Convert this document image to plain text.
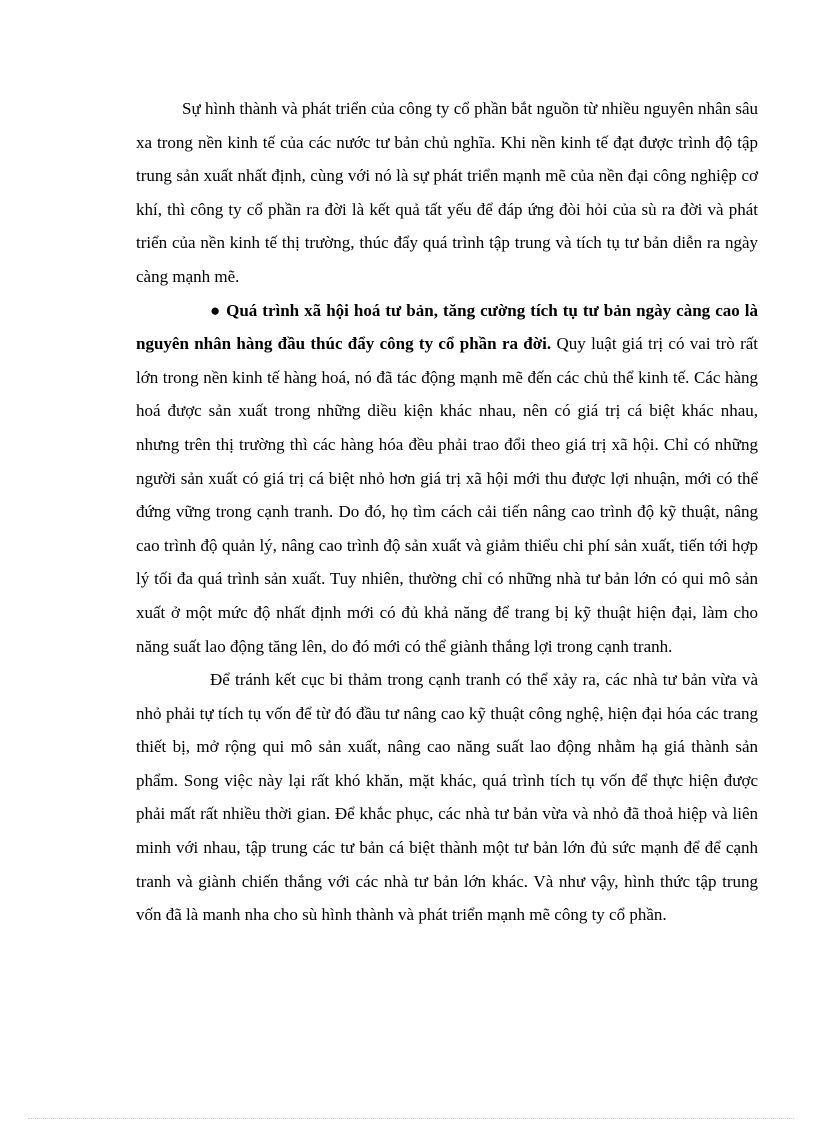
Sự hình thành và phát triển của công ty cổ phần bắt nguồn từ nhiều nguyên nhân sâu xa trong nền kinh tế của các nước tư bản chủ nghĩa. Khi nền kinh tế đạt được trình độ tập trung sản xuất nhất định, cùng với nó là sự phát triển mạnh mẽ của nền đại công nghiệp cơ khí, thì công ty cổ phần ra đời là kết quả tất yếu để đáp ứng đòi hỏi của sù ra đời và phát triển của nền kinh tế thị trường, thúc đẩy quá trình tập trung và tích tụ tư bản diễn ra ngày càng mạnh mẽ.

● Quá trình xã hội hoá tư bản, tăng cường tích tụ tư bản ngày càng cao là nguyên nhân hàng đầu thúc đẩy công ty cổ phần ra đời. Quy luật giá trị có vai trò rất lớn trong nền kinh tế hàng hoá, nó đã tác động mạnh mẽ đến các chủ thể kinh tế. Các hàng hoá được sản xuất trong những diều kiện khác nhau, nên có giá trị cá biệt khác nhau, nhưng trên thị trường thì các hàng hóa đều phải trao đổi theo giá trị xã hội. Chỉ có những người sản xuất có giá trị cá biệt nhỏ hơn giá trị xã hội mới thu được lợi nhuận, mới có thể đứng vững trong cạnh tranh. Do đó, họ tìm cách cải tiến nâng cao trình độ kỹ thuật, nâng cao trình độ quản lý, nâng cao trình độ sản xuất và giảm thiểu chi phí sản xuất, tiến tới hợp lý tối đa quá trình sản xuất. Tuy nhiên, thường chỉ có những nhà tư bản lớn có qui mô sản xuất ở một mức độ nhất định mới có đủ khả năng để trang bị kỹ thuật hiện đại, làm cho năng suất lao động tăng lên, do đó mới có thể giành thắng lợi trong cạnh tranh.

Để tránh kết cục bi thảm trong cạnh tranh có thể xảy ra, các nhà tư bản vừa và nhỏ phải tự tích tụ vốn để từ đó đầu tư nâng cao kỹ thuật công nghệ, hiện đại hóa các trang thiết bị, mở rộng qui mô sản xuất, nâng cao năng suất lao động nhằm hạ giá thành sản phẩm. Song việc này lại rất khó khăn, mặt khác, quá trình tích tụ vốn để thực hiện được phải mất rất nhiều thời gian. Để khắc phục, các nhà tư bản vừa và nhỏ đã thoả hiệp và liên minh với nhau, tập trung các tư bản cá biệt thành một tư bản lớn đủ sức mạnh để để cạnh tranh và giành chiến thắng với các nhà tư bản lớn khác. Và như vậy, hình thức tập trung vốn đã là manh nha cho sù hình thành và phát triển mạnh mẽ công ty cổ phần.
